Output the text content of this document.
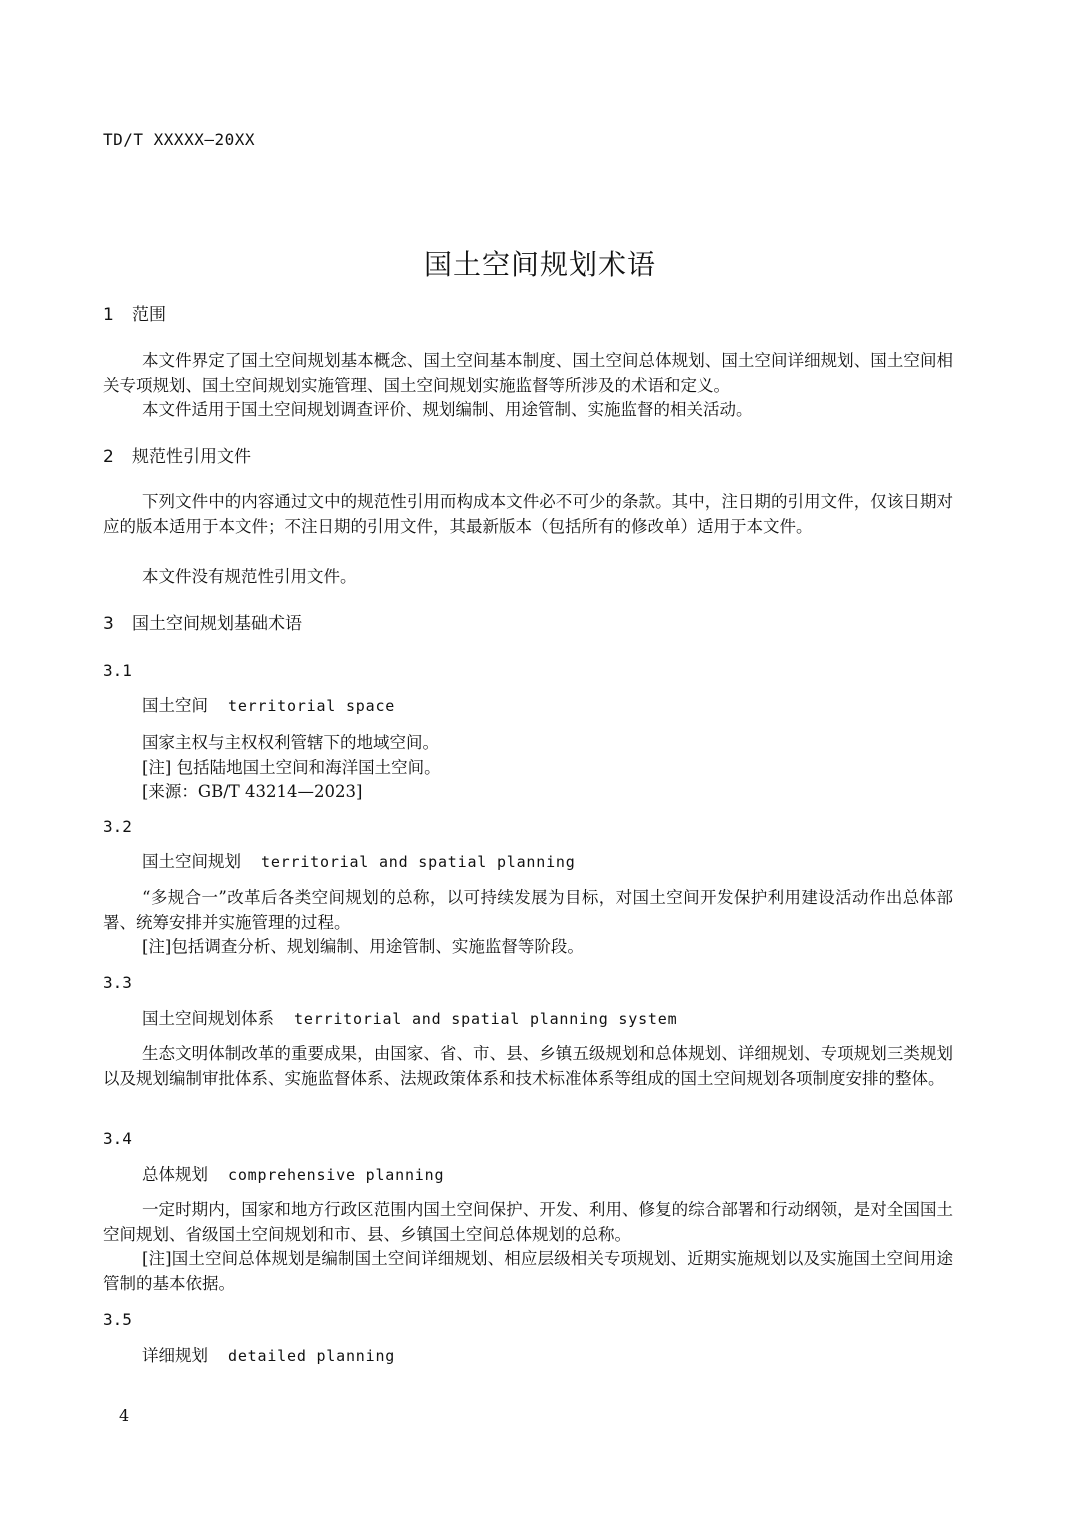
TD/T XXXXX—20XX
国土空间规划术语
1 范围

本文件界定了国土空间规划基本概念、国土空间基本制度、国土空间总体规划、国土空间详细规划、国土空间相关专项规划、国土空间规划实施管理、国土空间规划实施监督等所涉及的术语和定义。

本文件适用于国土空间规划调查评价、规划编制、用途管制、实施监督的相关活动。

2 规范性引用文件

下列文件中的内容通过文中的规范性引用而构成本文件必不可少的条款。其中，注日期的引用文件，仅该日期对应的版本适用于本文件；不注日期的引用文件，其最新版本（包括所有的修改单）适用于本文件。

本文件没有规范性引用文件。

3 国土空间规划基础术语
3.1
国土空间 territorial space
国家主权与主权权利管辖下的地域空间。
[注] 包括陆地国土空间和海洋国土空间。
[来源：GB/T 43214—2023]
3.2
国土空间规划 territorial and spatial planning

“多规合一”改革后各类空间规划的总称，以可持续发展为目标，对国土空间开发保护利用建设活动作出总体部署、统筹安排并实施管理的过程。

[注]包括调查分析、规划编制、用途管制、实施监督等阶段。
3.3
国土空间规划体系 territorial and spatial planning system

生态文明体制改革的重要成果，由国家、省、市、县、乡镇五级规划和总体规划、详细规划、专项规划三类规划以及规划编制审批体系、实施监督体系、法规政策体系和技术标准体系等组成的国土空间规划各项制度安排的整体。

3.4
总体规划 comprehensive planning

一定时期内，国家和地方行政区范围内国土空间保护、开发、利用、修复的综合部署和行动纲领，是对全国国土空间规划、省级国土空间规划和市、县、乡镇国土空间总体规划的总称。

[注]国土空间总体规划是编制国土空间详细规划、相应层级相关专项规划、近期实施规划以及实施国土空间用途管制的基本依据。

3.5
详细规划 detailed planning
4
